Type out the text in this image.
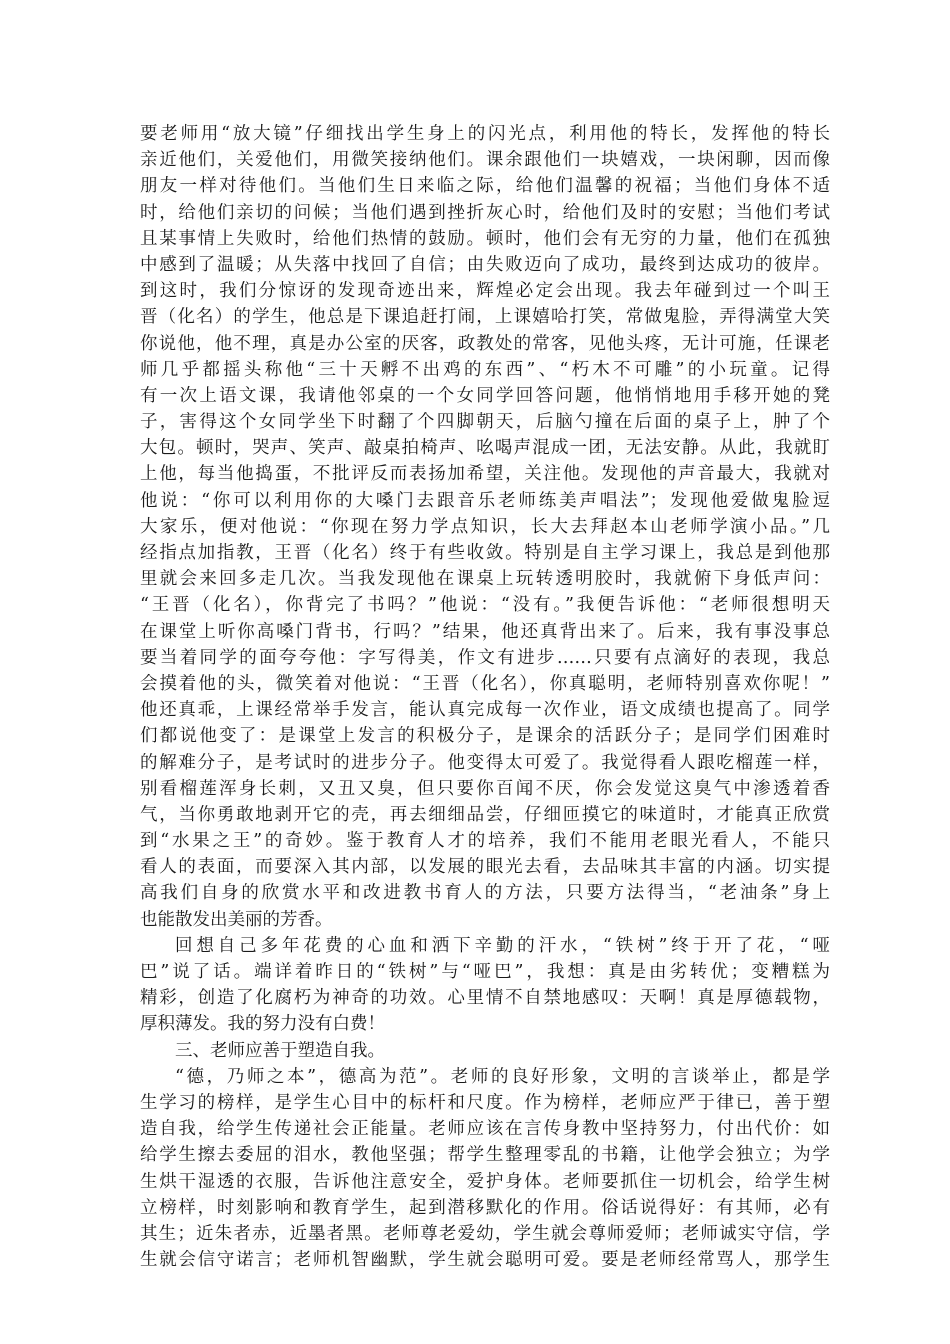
要老师用“放大镜”仔细找出学生身上的闪光点，利用他的特长，发挥他的特长
亲近他们，关爱他们，用微笑接纳他们。课余跟他们一块嬉戏，一块闲聊，因而像
朋友一样对待他们。当他们生日来临之际，给他们温馨的祝福；当他们身体不适
时，给他们亲切的问候；当他们遇到挫折灰心时，给他们及时的安慰；当他们考试
且某事情上失败时，给他们热情的鼓励。顿时，他们会有无穷的力量，他们在孤独
中感到了温暖；从失落中找回了自信；由失败迈向了成功，最终到达成功的彼岸。
到这时，我们分惊讶的发现奇迹出来，辉煌必定会出现。我去年碰到过一个叫王
晋（化名）的学生，他总是下课追赶打闹，上课嬉哈打笑，常做鬼脸，弄得满堂大笑
你说他，他不理，真是办公室的厌客，政教处的常客，见他头疼，无计可施，任课老
师几乎都摇头称他“三十天孵不出鸡的东西”、“朽木不可雕”的小玩童。记得
有一次上语文课，我请他邻桌的一个女同学回答问题，他悄悄地用手移开她的凳
子，害得这个女同学坐下时翻了个四脚朝天，后脑勺撞在后面的桌子上，肿了个
大包。顿时，哭声、笑声、敲桌拍椅声、吆喝声混成一团，无法安静。从此，我就盯
上他，每当他捣蛋，不批评反而表扬加希望，关注他。发现他的声音最大，我就对
他说：“你可以利用你的大嗓门去跟音乐老师练美声唱法”；发现他爱做鬼脸逗
大家乐，便对他说：“你现在努力学点知识，长大去拜赵本山老师学演小品。”几
经指点加指教，王晋（化名）终于有些收敛。特别是自主学习课上，我总是到他那
里就会来回多走几次。当我发现他在课桌上玩转透明胶时，我就俯下身低声问：
“王晋（化名），你背完了书吗？”他说：“没有。”我便告诉他：“老师很想明天
在课堂上听你高嗓门背书，行吗？”结果，他还真背出来了。后来，我有事没事总
要当着同学的面夸夸他：字写得美，作文有进步……只要有点滴好的表现，我总
会摸着他的头，微笑着对他说：“王晋（化名），你真聪明，老师特别喜欢你呢！”
他还真乖，上课经常举手发言，能认真完成每一次作业，语文成绩也提高了。同学
们都说他变了：是课堂上发言的积极分子，是课余的活跃分子；是同学们困难时
的解难分子，是考试时的进步分子。他变得太可爱了。我觉得看人跟吃榴莲一样，
别看榴莲浑身长刺，又丑又臭，但只要你百闻不厌，你会发觉这臭气中渗透着香
气，当你勇敢地剥开它的壳，再去细细品尝，仔细匝摸它的味道时，才能真正欣赏
到“水果之王”的奇妙。鉴于教育人才的培养，我们不能用老眼光看人，不能只
看人的表面，而要深入其内部，以发展的眼光去看，去品味其丰富的内涵。切实提
高我们自身的欣赏水平和改进教书育人的方法，只要方法得当，“老油条”身上
也能散发出美丽的芳香。
回想自己多年花费的心血和洒下辛勤的汗水，“铁树”终于开了花，“哑
巴”说了话。端详着昨日的“铁树”与“哑巴”，我想：真是由劣转优；变糟糕为
精彩，创造了化腐朽为神奇的功效。心里情不自禁地感叹：天啊！真是厚德载物，
厚积薄发。我的努力没有白费！
三、老师应善于塑造自我。
“德，乃师之本”，德高为范”。老师的良好形象，文明的言谈举止，都是学
生学习的榜样，是学生心目中的标杆和尺度。作为榜样，老师应严于律已，善于塑
造自我，给学生传递社会正能量。老师应该在言传身教中坚持努力，付出代价：如
给学生擦去委屈的泪水，教他坚强；帮学生整理零乱的书籍，让他学会独立；为学
生烘干湿透的衣服，告诉他注意安全，爱护身体。老师要抓住一切机会，给学生树
立榜样，时刻影响和教育学生，起到潜移默化的作用。俗话说得好：有其师，必有
其生；近朱者赤，近墨者黑。老师尊老爱幼，学生就会尊师爱师；老师诚实守信，学
生就会信守诺言；老师机智幽默，学生就会聪明可爱。要是老师经常骂人，那学生
